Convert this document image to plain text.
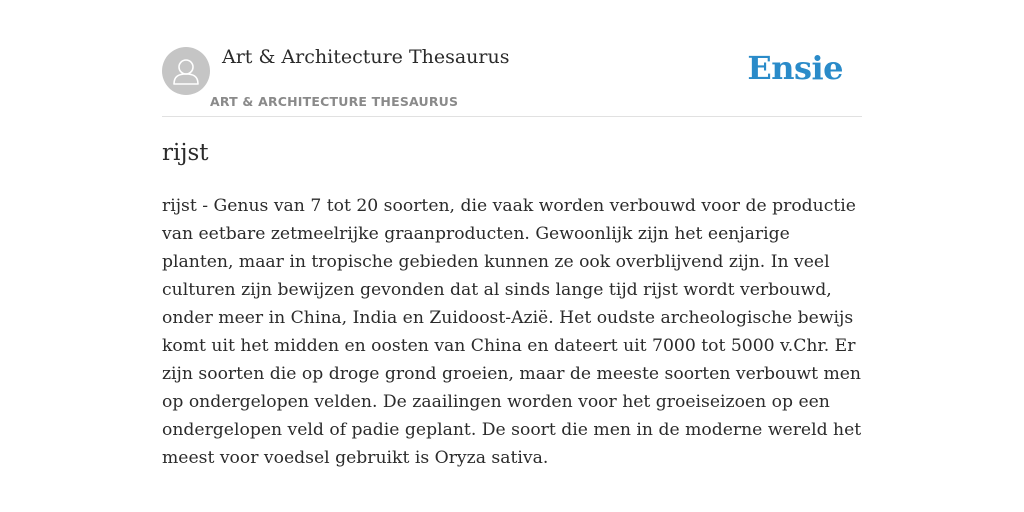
Art & Architecture Thesaurus
ART & ARCHITECTURE THESAURUS
Ensie
rijst

rijst - Genus van 7 tot 20 soorten, die vaak worden verbouwd voor de productie van eetbare zetmeelrijke graanproducten. Gewoonlijk zijn het eenjarige planten, maar in tropische gebieden kunnen ze ook overblijvend zijn. In veel culturen zijn bewijzen gevonden dat al sinds lange tijd rijst wordt verbouwd, onder meer in China, India en Zuidoost-Azië. Het oudste archeologische bewijs komt uit het midden en oosten van China en dateert uit 7000 tot 5000 v.Chr. Er zijn soorten die op droge grond groeien, maar de meeste soorten verbouwt men op ondergelopen velden. De zaailingen worden voor het groeiseizoen op een ondergelopen veld of padie geplant. De soort die men in de moderne wereld het meest voor voedsel gebruikt is Oryza sativa.
